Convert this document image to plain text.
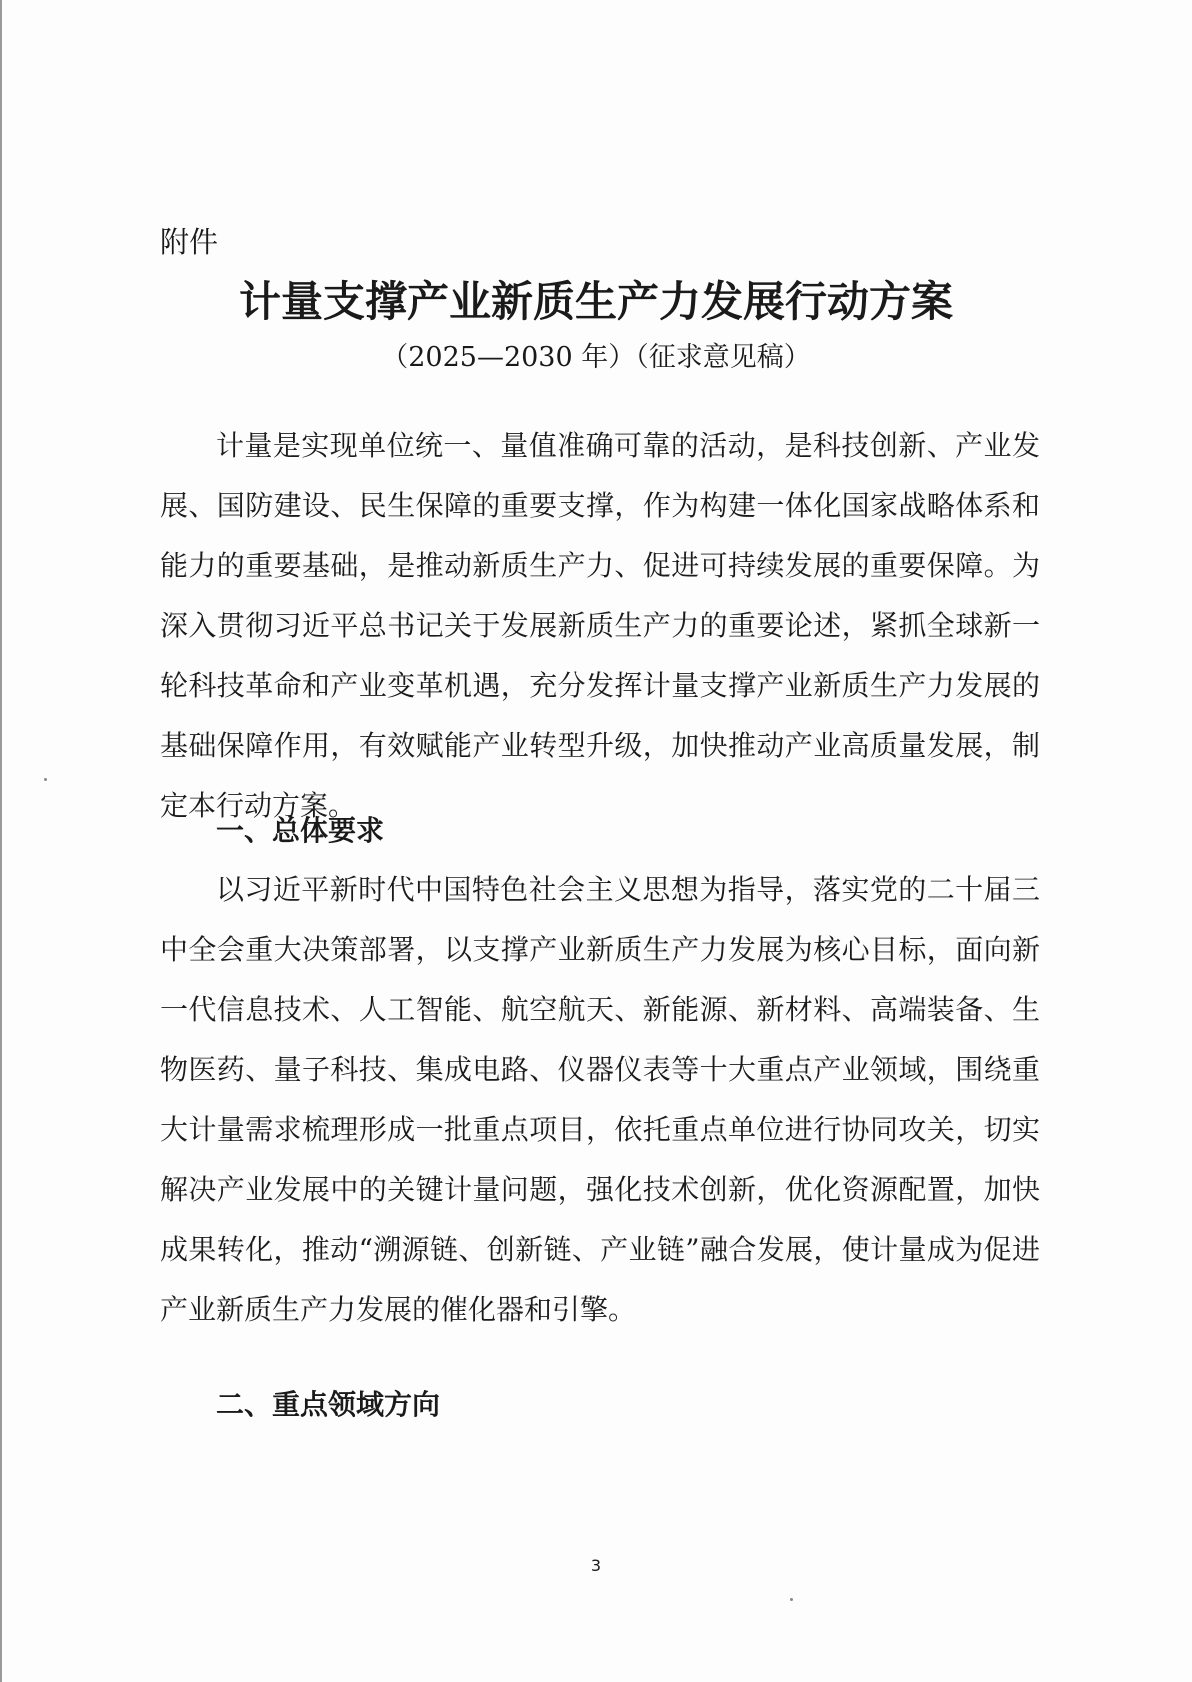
附件

计量支撑产业新质生产力发展行动方案

（2025—2030 年）（征求意见稿）

计量是实现单位统一、量值准确可靠的活动，是科技创新、产业发展、国防建设、民生保障的重要支撑，作为构建一体化国家战略体系和能力的重要基础，是推动新质生产力、促进可持续发展的重要保障。为深入贯彻习近平总书记关于发展新质生产力的重要论述，紧抓全球新一轮科技革命和产业变革机遇，充分发挥计量支撑产业新质生产力发展的基础保障作用，有效赋能产业转型升级，加快推动产业高质量发展，制定本行动方案。

一、总体要求

以习近平新时代中国特色社会主义思想为指导，落实党的二十届三中全会重大决策部署，以支撑产业新质生产力发展为核心目标，面向新一代信息技术、人工智能、航空航天、新能源、新材料、高端装备、生物医药、量子科技、集成电路、仪器仪表等十大重点产业领域，围绕重大计量需求梳理形成一批重点项目，依托重点单位进行协同攻关，切实解决产业发展中的关键计量问题，强化技术创新，优化资源配置，加快成果转化，推动“溯源链、创新链、产业链”融合发展，使计量成为促进产业新质生产力发展的催化器和引擎。

二、重点领域方向

3
